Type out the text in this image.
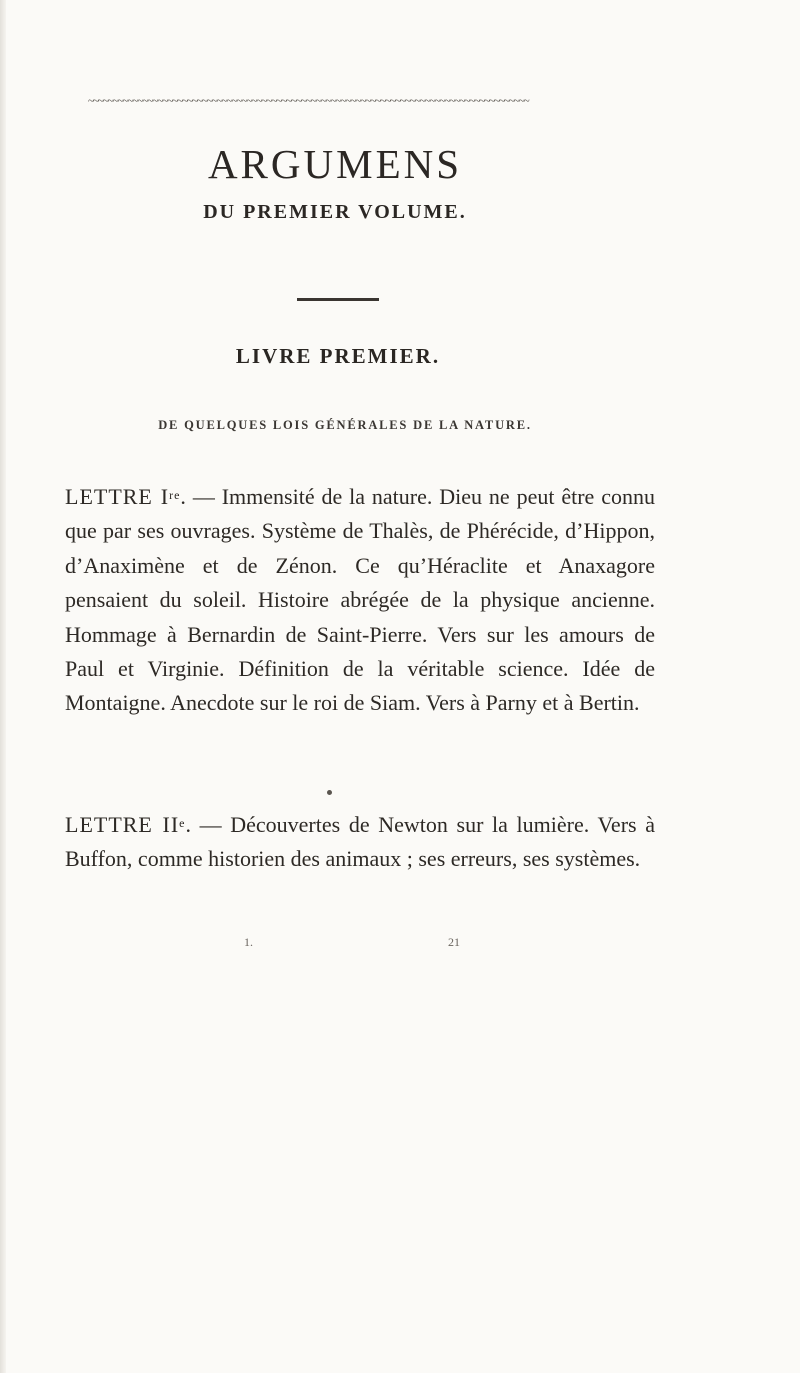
~~~~~~~~~~~~~~~~~~~~~~~~~~~~~~~~~~~~~~~~~~~~~~~~~~~~~~~~~~~~~~~~~~~~~~~~~~~~~~~~~~~~~~~~~
ARGUMENS
DU PREMIER VOLUME.
LIVRE PREMIER.

DE QUELQUES LOIS GÉNÉRALES DE LA NATURE.

LETTRE Ire. — Immensité de la nature. Dieu ne peut être connu que par ses ouvrages. Système de Thalès, de Phérécide, d’Hippon, d’Anaximène et de Zénon. Ce qu’Héraclite et Anaxagore pensaient du soleil. Histoire abrégée de la physique ancienne. Hommage à Bernardin de Saint-Pierre. Vers sur les amours de Paul et Virginie. Définition de la véritable science. Idée de Montaigne. Anecdote sur le roi de Siam. Vers à Parny et à Bertin.

LETTRE IIe. — Découvertes de Newton sur la lumière. Vers à Buffon, comme historien des animaux ; ses erreurs, ses systèmes.

1.	21
